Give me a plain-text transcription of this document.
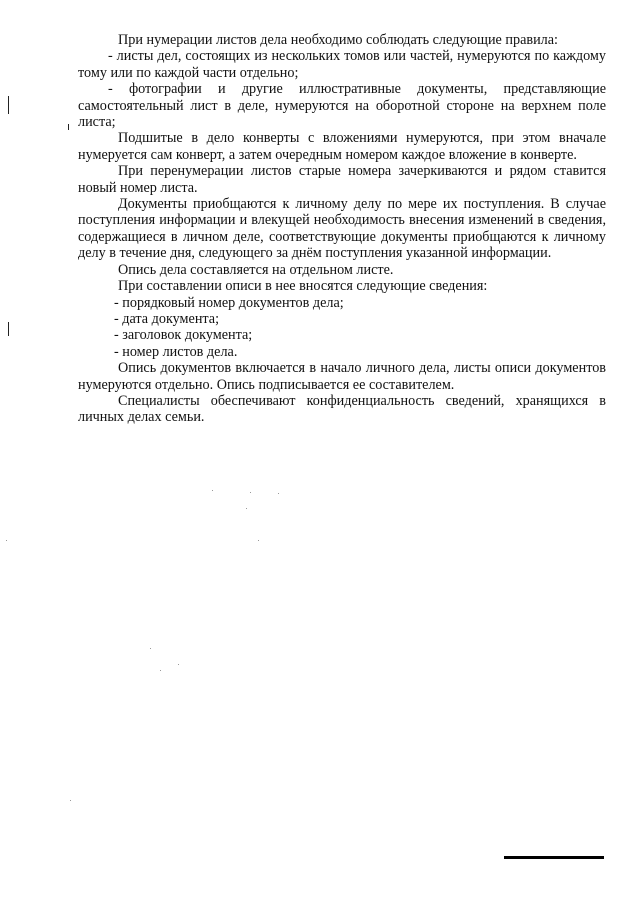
При нумерации листов дела необходимо соблюдать следующие правила:

- листы дел, состоящих из нескольких томов или частей, нумеруются по каждому тому или по каждой части отдельно;

- фотографии и другие иллюстративные документы, представляющие самостоятельный лист в деле, нумеруются на оборотной стороне на верхнем поле листа;

Подшитые в дело конверты с вложениями нумеруются, при этом вначале нумеруется сам конверт, а затем очередным номером каждое вложение в конверте.

При перенумерации листов старые номера зачеркиваются и рядом ставится новый номер листа.

Документы приобщаются к личному делу по мере их поступления. В случае поступления информации и влекущей необходимость внесения изменений в сведения, содержащиеся в личном деле, соответствующие документы приобщаются к личному делу в течение дня, следующего за днём поступления указанной информации.

Опись дела составляется на отдельном листе.

При составлении описи в нее вносятся следующие сведения:

- порядковый номер документов дела;

- дата документа;

- заголовок документа;

- номер листов дела.

Опись документов включается в начало личного дела, листы описи документов нумеруются отдельно. Опись подписывается ее составителем.

Специалисты обеспечивают конфиденциальность сведений, хранящихся в личных делах семьи.
